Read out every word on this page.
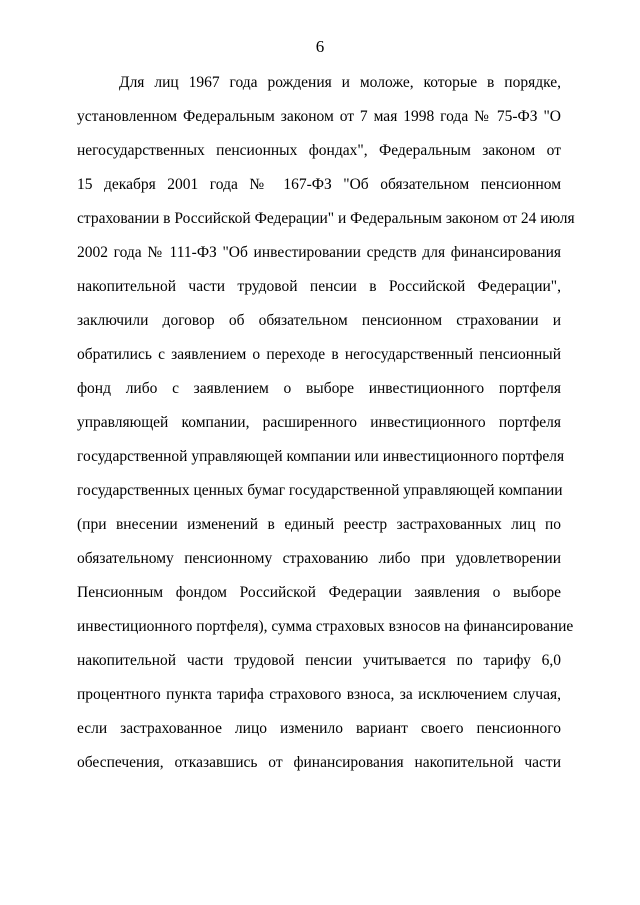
6
Для лиц 1967 года рождения и моложе, которые в порядке,
установленном Федеральным законом от 7 мая 1998 года № 75-ФЗ "О
негосударственных пенсионных фондах", Федеральным законом от
15 декабря 2001 года № 167-ФЗ "Об обязательном пенсионном
страховании в Российской Федерации" и Федеральным законом от 24 июля
2002 года № 111-ФЗ "Об инвестировании средств для финансирования
накопительной части трудовой пенсии в Российской Федерации",
заключили договор об обязательном пенсионном страховании и
обратились с заявлением о переходе в негосударственный пенсионный
фонд либо с заявлением о выборе инвестиционного портфеля
управляющей компании, расширенного инвестиционного портфеля
государственной управляющей компании или инвестиционного портфеля
государственных ценных бумаг государственной управляющей компании
(при внесении изменений в единый реестр застрахованных лиц по
обязательному пенсионному страхованию либо при удовлетворении
Пенсионным фондом Российской Федерации заявления о выборе
инвестиционного портфеля), сумма страховых взносов на финансирование
накопительной части трудовой пенсии учитывается по тарифу 6,0
процентного пункта тарифа страхового взноса, за исключением случая,
если застрахованное лицо изменило вариант своего пенсионного
обеспечения, отказавшись от финансирования накопительной части
